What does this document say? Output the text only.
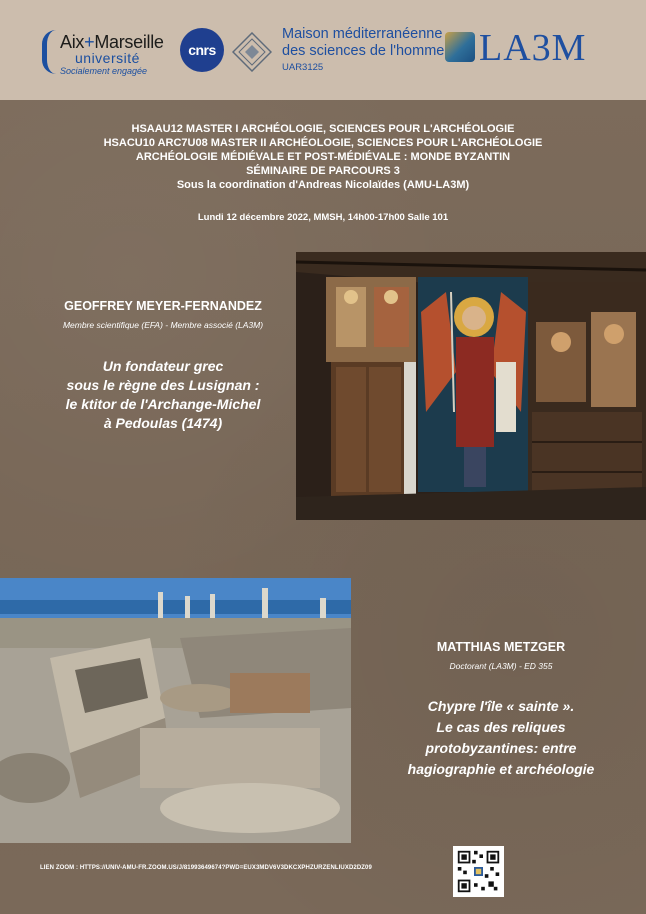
Aix+Marseille
université
Socialement engagée
cnrs
Maison méditerranéenne
des sciences de l'homme
UAR3125	LA3M
HSAAU12 MASTER I ARCHÉOLOGIE, SCIENCES POUR L'ARCHÉOLOGIE
HSACU10 ARC7U08 MASTER II ARCHÉOLOGIE, SCIENCES POUR L'ARCHÉOLOGIE
ARCHÉOLOGIE MÉDIÉVALE ET POST-MÉDIÉVALE : MONDE BYZANTIN
SÉMINAIRE DE PARCOURS 3
Sous la coordination d'Andreas Nicolaïdes (AMU-LA3M)
Lundi 12 décembre 2022, MMSH, 14h00-17h00 Salle 101
GEOFFREY MEYER-FERNANDEZ
Membre scientifique (EFA) - Membre associé (LA3M)
Un fondateur grec
sous le règne des Lusignan :
le ktitor de l'Archange-Michel
à Pedoulas (1474)
MATTHIAS METZGER
Doctorant (LA3M) - ED 355
Chypre l'île « sainte ».
Le cas des reliques
protobyzantines: entre
hagiographie et archéologie
LIEN ZOOM : HTTPS://UNIV-AMU-FR.ZOOM.US/J/81993649674?PWD=EUX3MDV6V3DKCXPHZURZENLIUXD2DZ09
